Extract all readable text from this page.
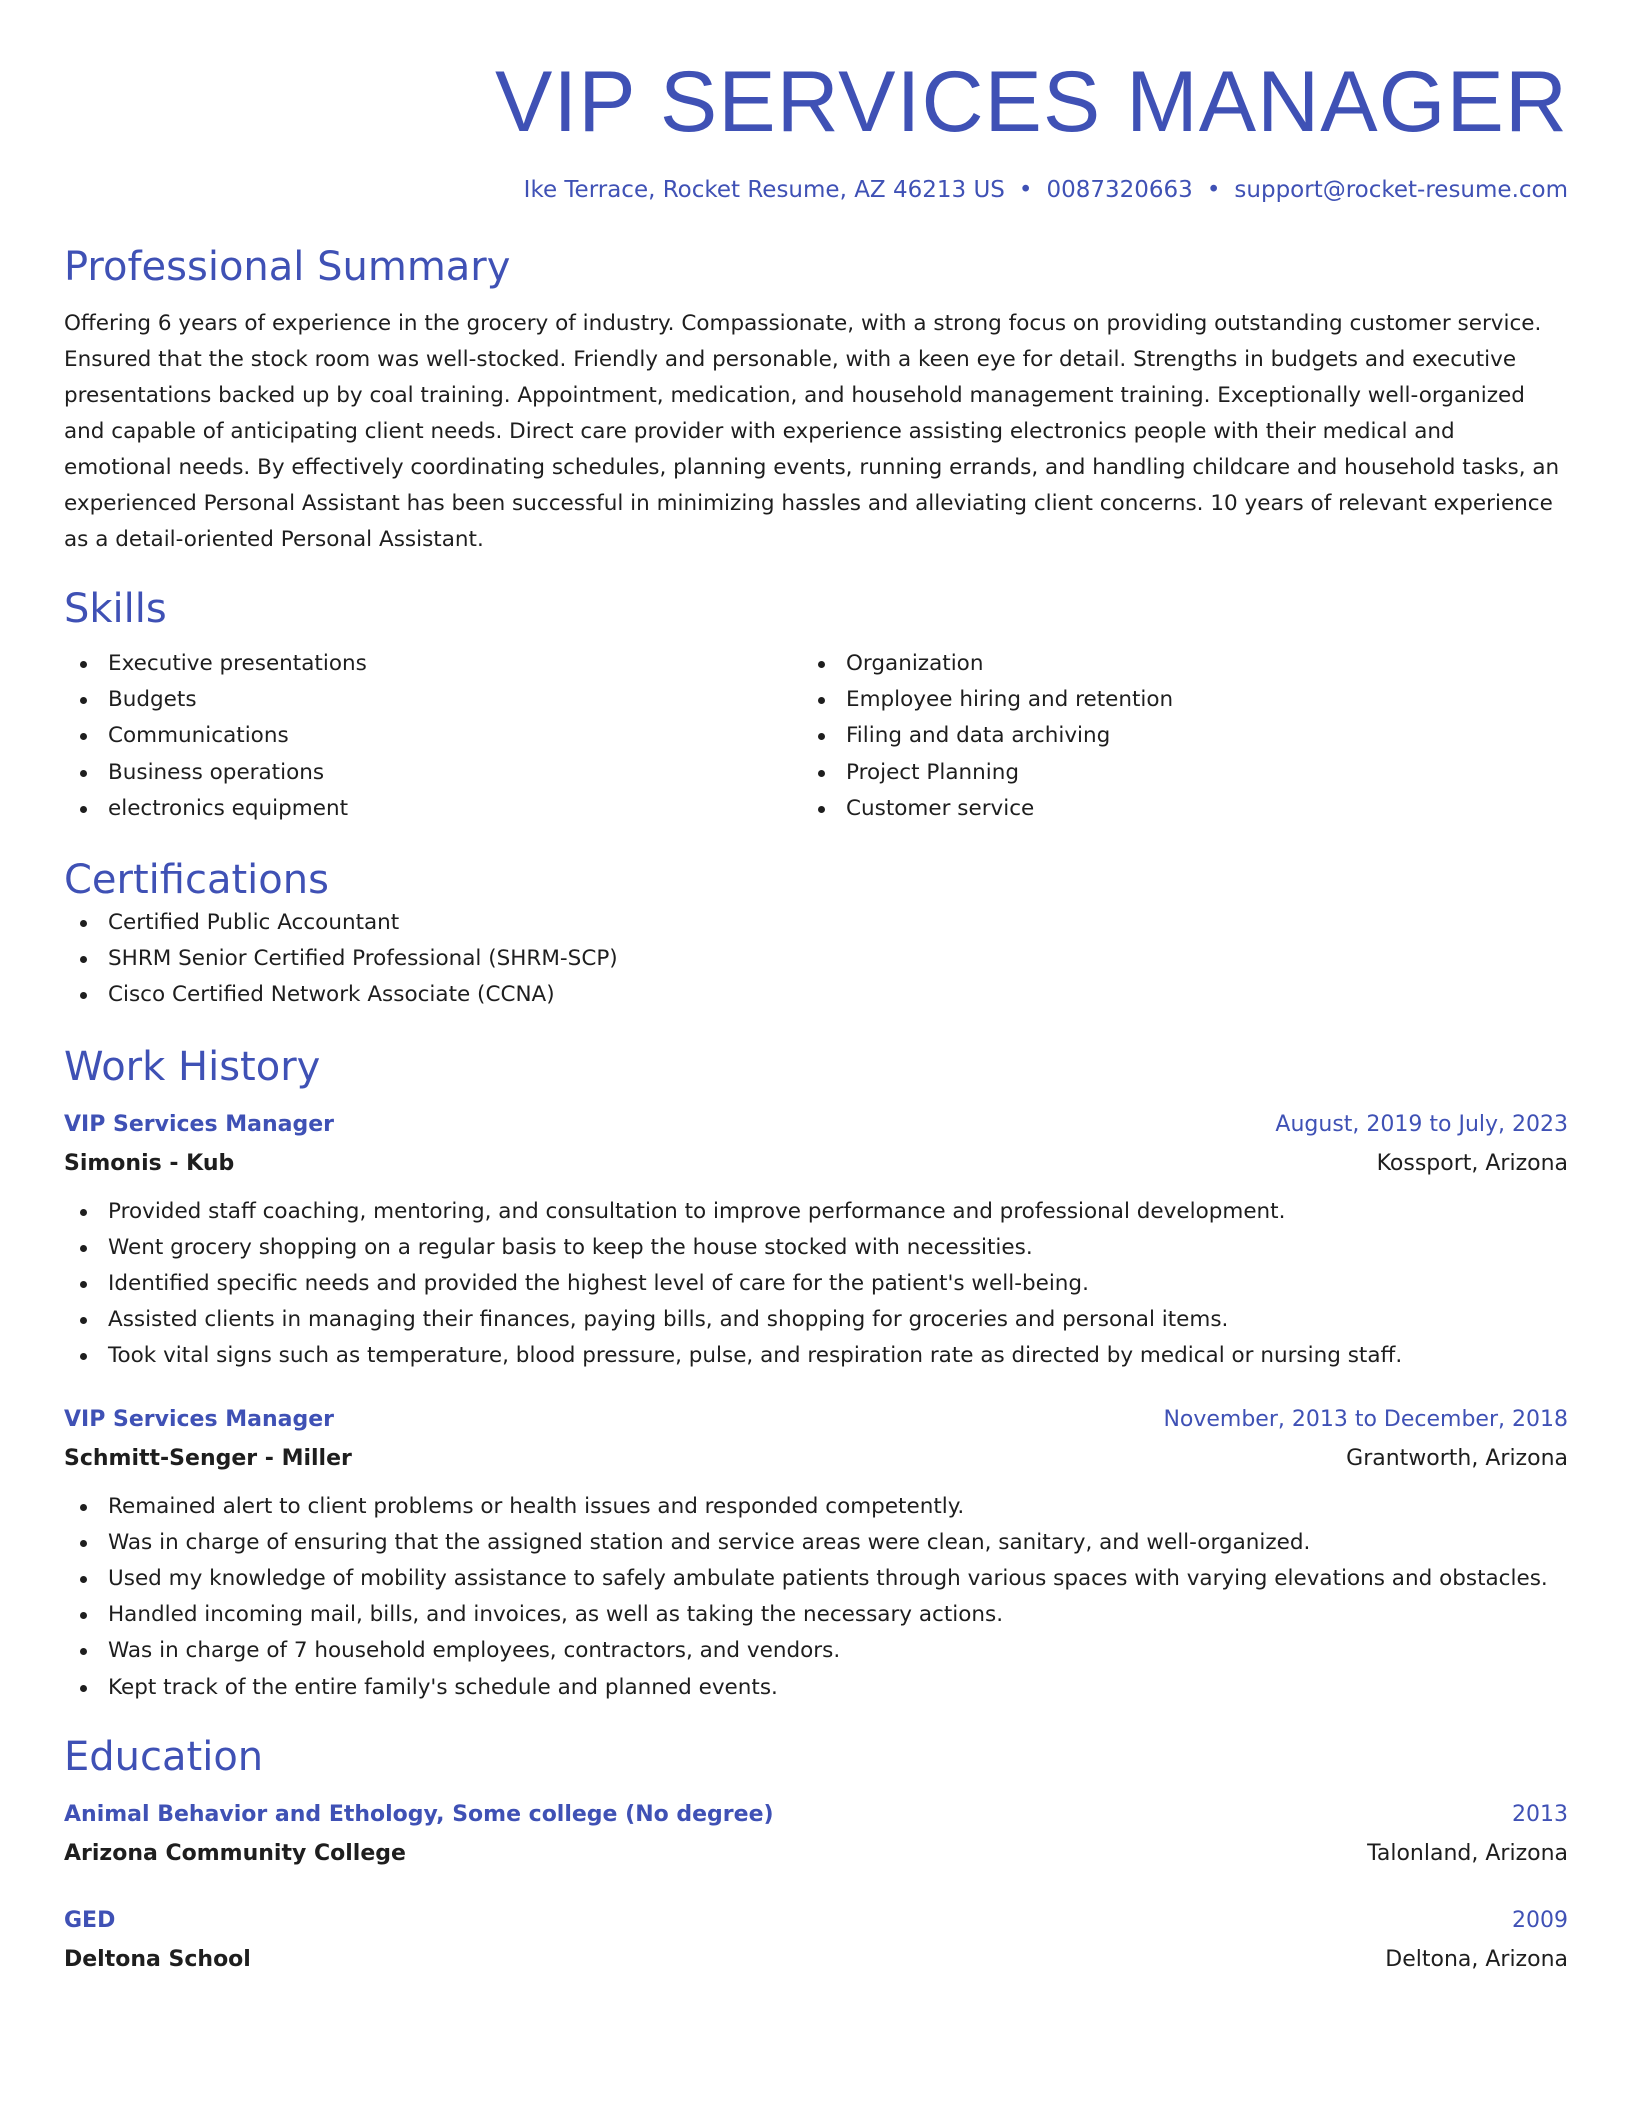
VIP SERVICES MANAGER
Ike Terrace, Rocket Resume, AZ 46213 US • 0087320663 • support@rocket-resume.com
Professional Summary
Offering 6 years of experience in the grocery of industry. Compassionate, with a strong focus on providing outstanding customer service. Ensured that the stock room was well-stocked. Friendly and personable, with a keen eye for detail. Strengths in budgets and executive presentations backed up by coal training. Appointment, medication, and household management training. Exceptionally well-organized and capable of anticipating client needs. Direct care provider with experience assisting electronics people with their medical and emotional needs. By effectively coordinating schedules, planning events, running errands, and handling childcare and household tasks, an experienced Personal Assistant has been successful in minimizing hassles and alleviating client concerns. 10 years of relevant experience as a detail-oriented Personal Assistant.
Skills
Executive presentations
Budgets
Communications
Business operations
electronics equipment
Organization
Employee hiring and retention
Filing and data archiving
Project Planning
Customer service
Certifications
Certified Public Accountant
SHRM Senior Certified Professional (SHRM-SCP)
Cisco Certified Network Associate (CCNA)
Work History
VIP Services Manager	August, 2019 to July, 2023
Simonis - Kub	Kossport, Arizona
Provided staff coaching, mentoring, and consultation to improve performance and professional development.
Went grocery shopping on a regular basis to keep the house stocked with necessities.
Identified specific needs and provided the highest level of care for the patient's well-being.
Assisted clients in managing their finances, paying bills, and shopping for groceries and personal items.
Took vital signs such as temperature, blood pressure, pulse, and respiration rate as directed by medical or nursing staff.
VIP Services Manager	November, 2013 to December, 2018
Schmitt-Senger - Miller	Grantworth, Arizona
Remained alert to client problems or health issues and responded competently.
Was in charge of ensuring that the assigned station and service areas were clean, sanitary, and well-organized.
Used my knowledge of mobility assistance to safely ambulate patients through various spaces with varying elevations and obstacles.
Handled incoming mail, bills, and invoices, as well as taking the necessary actions.
Was in charge of 7 household employees, contractors, and vendors.
Kept track of the entire family's schedule and planned events.
Education
Animal Behavior and Ethology, Some college (No degree)	2013
Arizona Community College	Talonland, Arizona
GED	2009
Deltona School	Deltona, Arizona
